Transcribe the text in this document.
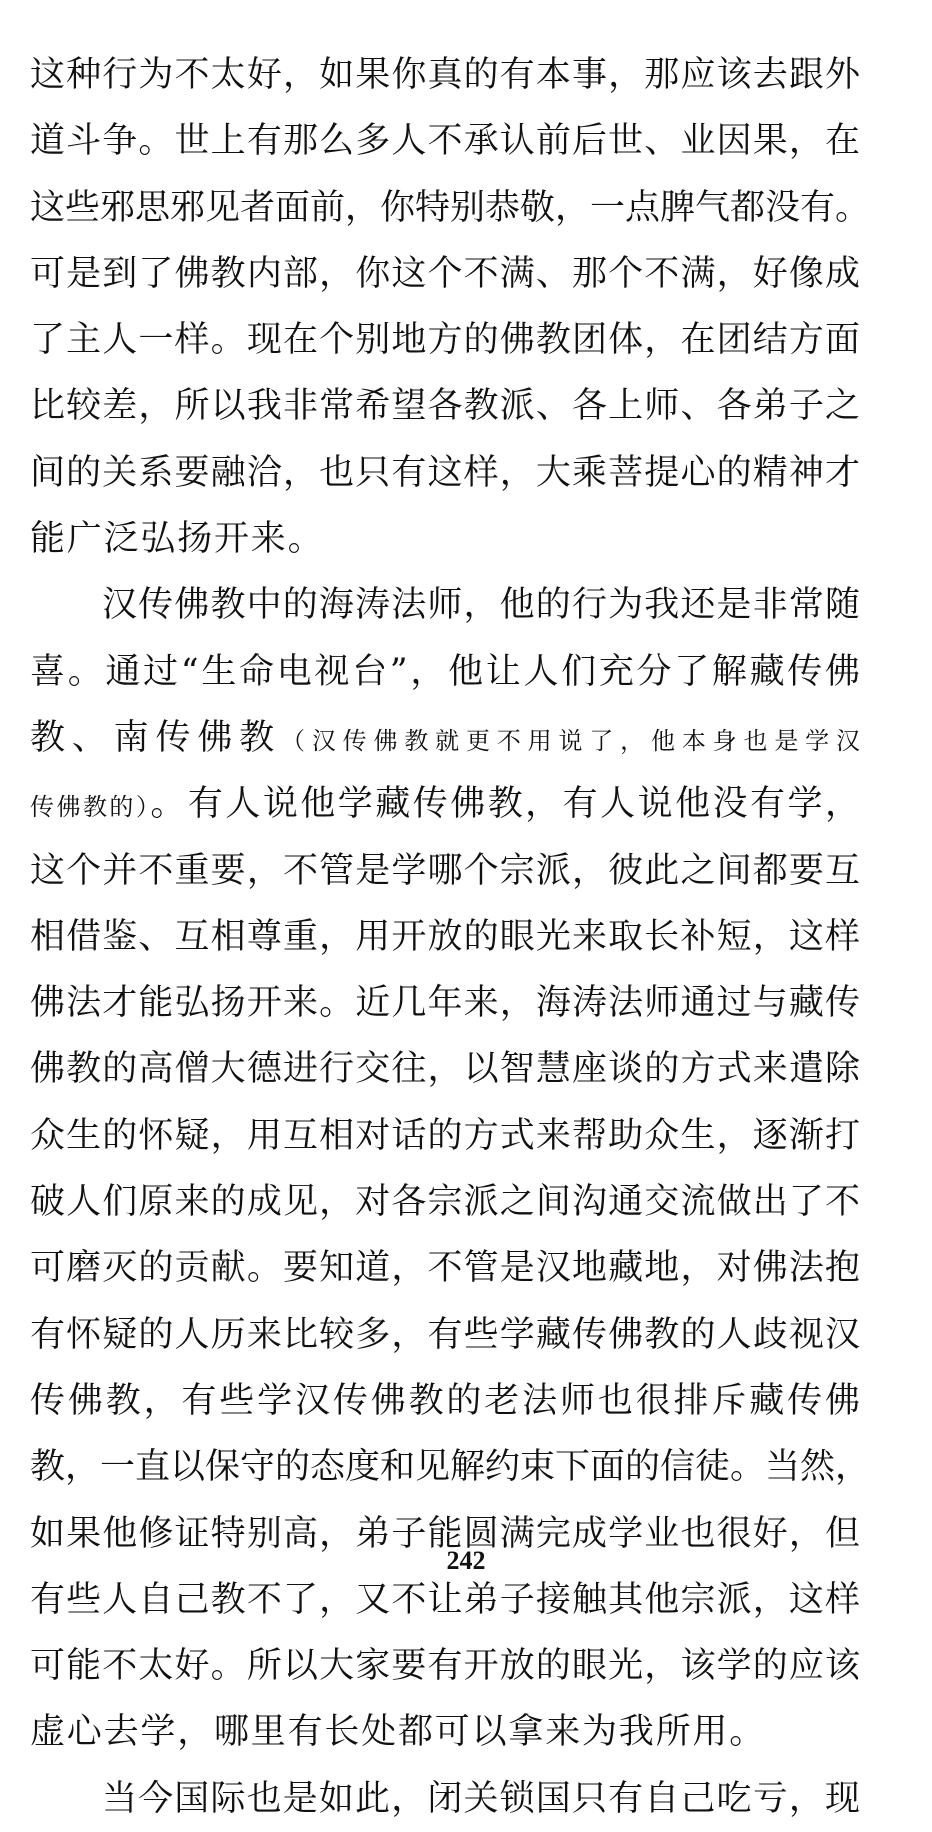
这种行为不太好，如果你真的有本事，那应该去跟外
道斗争。世上有那么多人不承认前后世、业因果，在
这些邪思邪见者面前，你特别恭敬，一点脾气都没有。
可是到了佛教内部，你这个不满、那个不满，好像成
了主人一样。现在个别地方的佛教团体，在团结方面
比较差，所以我非常希望各教派、各上师、各弟子之
间的关系要融洽，也只有这样，大乘菩提心的精神才
能广泛弘扬开来。
汉传佛教中的海涛法师，他的行为我还是非常随
喜。通过“生命电视台”，他让人们充分了解藏传佛
教、南传佛教（汉传佛教就更不用说了，他本身也是学汉
传佛教的）。有人说他学藏传佛教，有人说他没有学，
这个并不重要，不管是学哪个宗派，彼此之间都要互
相借鉴、互相尊重，用开放的眼光来取长补短，这样
佛法才能弘扬开来。近几年来，海涛法师通过与藏传
佛教的高僧大德进行交往，以智慧座谈的方式来遣除
众生的怀疑，用互相对话的方式来帮助众生，逐渐打
破人们原来的成见，对各宗派之间沟通交流做出了不
可磨灭的贡献。要知道，不管是汉地藏地，对佛法抱
有怀疑的人历来比较多，有些学藏传佛教的人歧视汉
传佛教，有些学汉传佛教的老法师也很排斥藏传佛
教，一直以保守的态度和见解约束下面的信徒。当然，
如果他修证特别高，弟子能圆满完成学业也很好，但
有些人自己教不了，又不让弟子接触其他宗派，这样
可能不太好。所以大家要有开放的眼光，该学的应该
虚心去学，哪里有长处都可以拿来为我所用。
当今国际也是如此，闭关锁国只有自己吃亏，现
242
